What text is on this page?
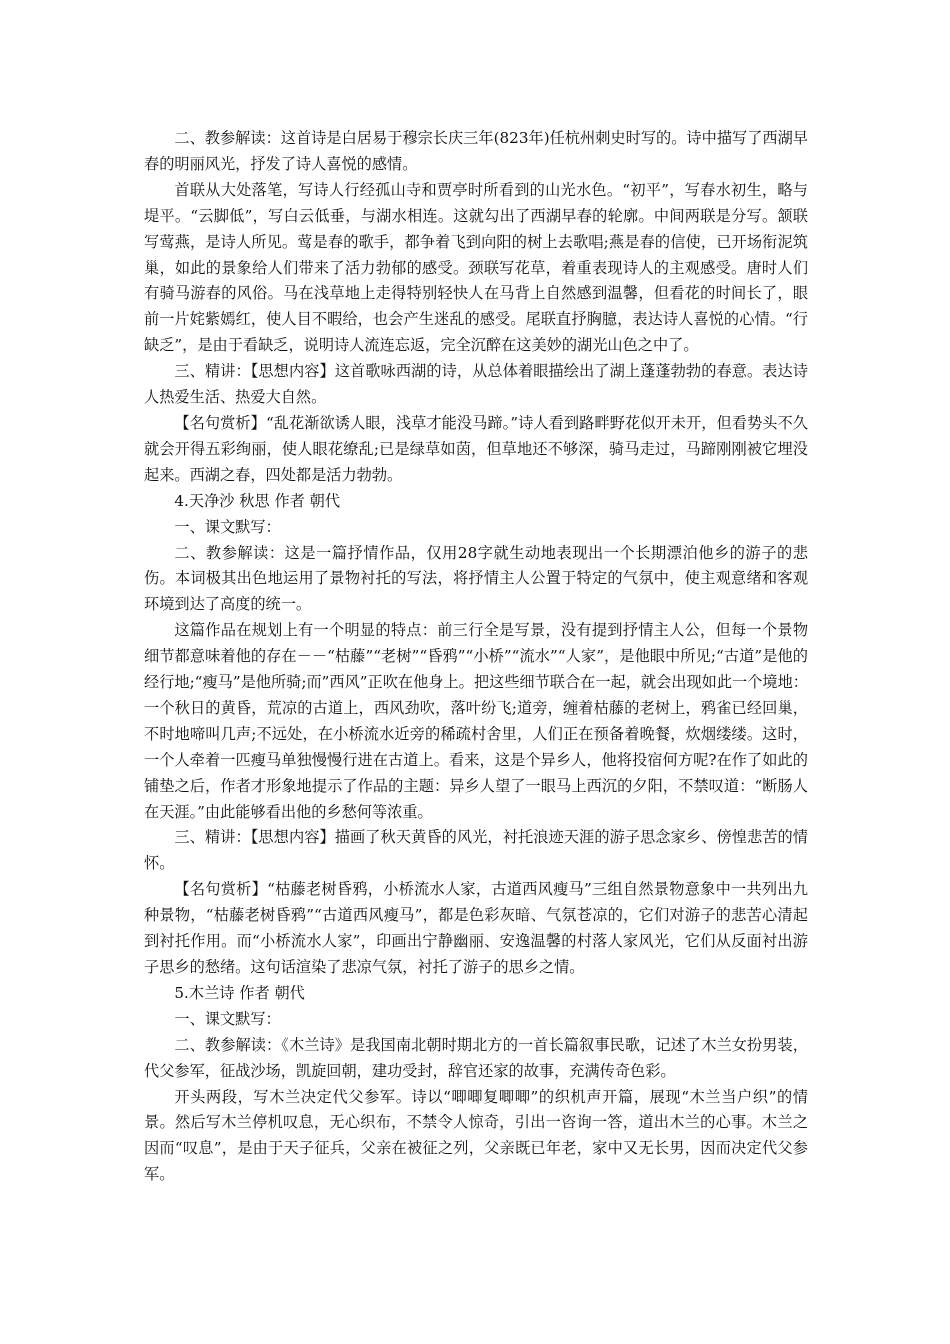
二、教参解读：这首诗是白居易于穆宗长庆三年(823年)任杭州刺史时写的。诗中描写了西湖早春的明丽风光，抒发了诗人喜悦的感情。

首联从大处落笔，写诗人行经孤山寺和贾亭时所看到的山光水色。“初平”，写春水初生，略与堤平。“云脚低”，写白云低垂，与湖水相连。这就勾出了西湖早春的轮廓。中间两联是分写。颔联写莺燕，是诗人所见。莺是春的歌手，都争着飞到向阳的树上去歌唱;燕是春的信使，已开场衔泥筑巢，如此的景象给人们带来了活力勃郁的感受。颈联写花草，着重表现诗人的主观感受。唐时人们有骑马游春的风俗。马在浅草地上走得特别轻快人在马背上自然感到温馨，但看花的时间长了，眼前一片姹紫嫣红，使人目不暇给，也会产生迷乱的感受。尾联直抒胸臆，表达诗人喜悦的心情。“行缺乏”，是由于看缺乏，说明诗人流连忘返，完全沉醉在这美妙的湖光山色之中了。

三、精讲：【思想内容】这首歌咏西湖的诗，从总体着眼描绘出了湖上蓬蓬勃勃的春意。表达诗人热爱生活、热爱大自然。

【名句赏析】“乱花渐欲诱人眼，浅草才能没马蹄。”诗人看到路畔野花似开未开，但看势头不久就会开得五彩绚丽，使人眼花缭乱;已是绿草如茵，但草地还不够深，骑马走过，马蹄刚刚被它埋没起来。西湖之春，四处都是活力勃勃。

4.天净沙 秋思 作者 朝代

一、课文默写：

二、教参解读：这是一篇抒情作品，仅用28字就生动地表现出一个长期漂泊他乡的游子的悲伤。本词极其出色地运用了景物衬托的写法，将抒情主人公置于特定的气氛中，使主观意绪和客观环境到达了高度的统一。

这篇作品在规划上有一个明显的特点：前三行全是写景，没有提到抒情主人公，但每一个景物细节都意味着他的存在－－“枯藤”“老树”“昏鸦”“小桥”“流水”“人家”，是他眼中所见;“古道”是他的经行地;“瘦马”是他所骑;而”西风”正吹在他身上。把这些细节联合在一起，就会出现如此一个境地：一个秋日的黄昏，荒凉的古道上，西风劲吹，落叶纷飞;道旁，缠着枯藤的老树上，鸦雀已经回巢，不时地啼叫几声;不远处，在小桥流水近旁的稀疏村舍里，人们正在预备着晚餐，炊烟缕缕。这时，一个人牵着一匹瘦马单独慢慢行进在古道上。看来，这是个异乡人，他将投宿何方呢?在作了如此的铺垫之后，作者才形象地提示了作品的主题：异乡人望了一眼马上西沉的夕阳，不禁叹道：“断肠人在天涯。”由此能够看出他的乡愁何等浓重。

三、精讲：【思想内容】描画了秋天黄昏的风光，衬托浪迹天涯的游子思念家乡、傍惶悲苦的情怀。

【名句赏析】“枯藤老树昏鸦，小桥流水人家，古道西风瘦马”三组自然景物意象中一共列出九种景物，“枯藤老树昏鸦”“古道西风瘦马”，都是色彩灰暗、气氛苍凉的，它们对游子的悲苦心清起到衬托作用。而“小桥流水人家”，印画出宁静幽丽、安逸温馨的村落人家风光，它们从反面衬出游子思乡的愁绪。这句话渲染了悲凉气氛，衬托了游子的思乡之情。

5.木兰诗 作者 朝代

一、课文默写：

二、教参解读：《木兰诗》是我国南北朝时期北方的一首长篇叙事民歌，记述了木兰女扮男装，代父参军，征战沙场，凯旋回朝，建功受封，辞官还家的故事，充满传奇色彩。

开头两段，写木兰决定代父参军。诗以“唧唧复唧唧”的织机声开篇，展现“木兰当户织”的情景。然后写木兰停机叹息，无心织布，不禁令人惊奇，引出一咨询一答，道出木兰的心事。木兰之因而“叹息”，是由于天子征兵，父亲在被征之列，父亲既已年老，家中又无长男，因而决定代父参军。
